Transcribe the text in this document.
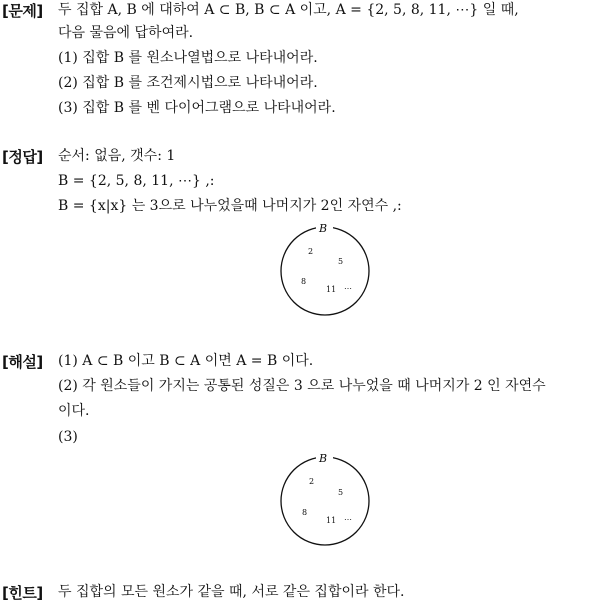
[문제] 두 집합 A, B 에 대하여 A ⊂ B, B ⊂ A 이고, A = {2, 5, 8, 11, ⋯} 일 때,
다음 물음에 답하여라.
(1) 집합 B 를 원소나열법으로 나타내어라.
(2) 집합 B 를 조건제시법으로 나타내어라.
(3) 집합 B 를 벤 다이어그램으로 나타내어라.
[정답] 순서: 없음, 갯수: 1
B = {2, 5, 8, 11, ⋯} ,:
B = {x|x} 는 3으로 나누었을때 나머지가 2인 자연수 ,:
B
2
5
8
11 ⋯
[해설] (1) A ⊂ B 이고 B ⊂ A 이면 A = B 이다.
(2) 각 원소들이 가지는 공통된 성질은 3 으로 나누었을 때 나머지가 2 인 자연수
이다.
(3)
B
2
5
8
11 ⋯
[힌트] 두 집합의 모든 원소가 같을 때, 서로 같은 집합이라 한다.
